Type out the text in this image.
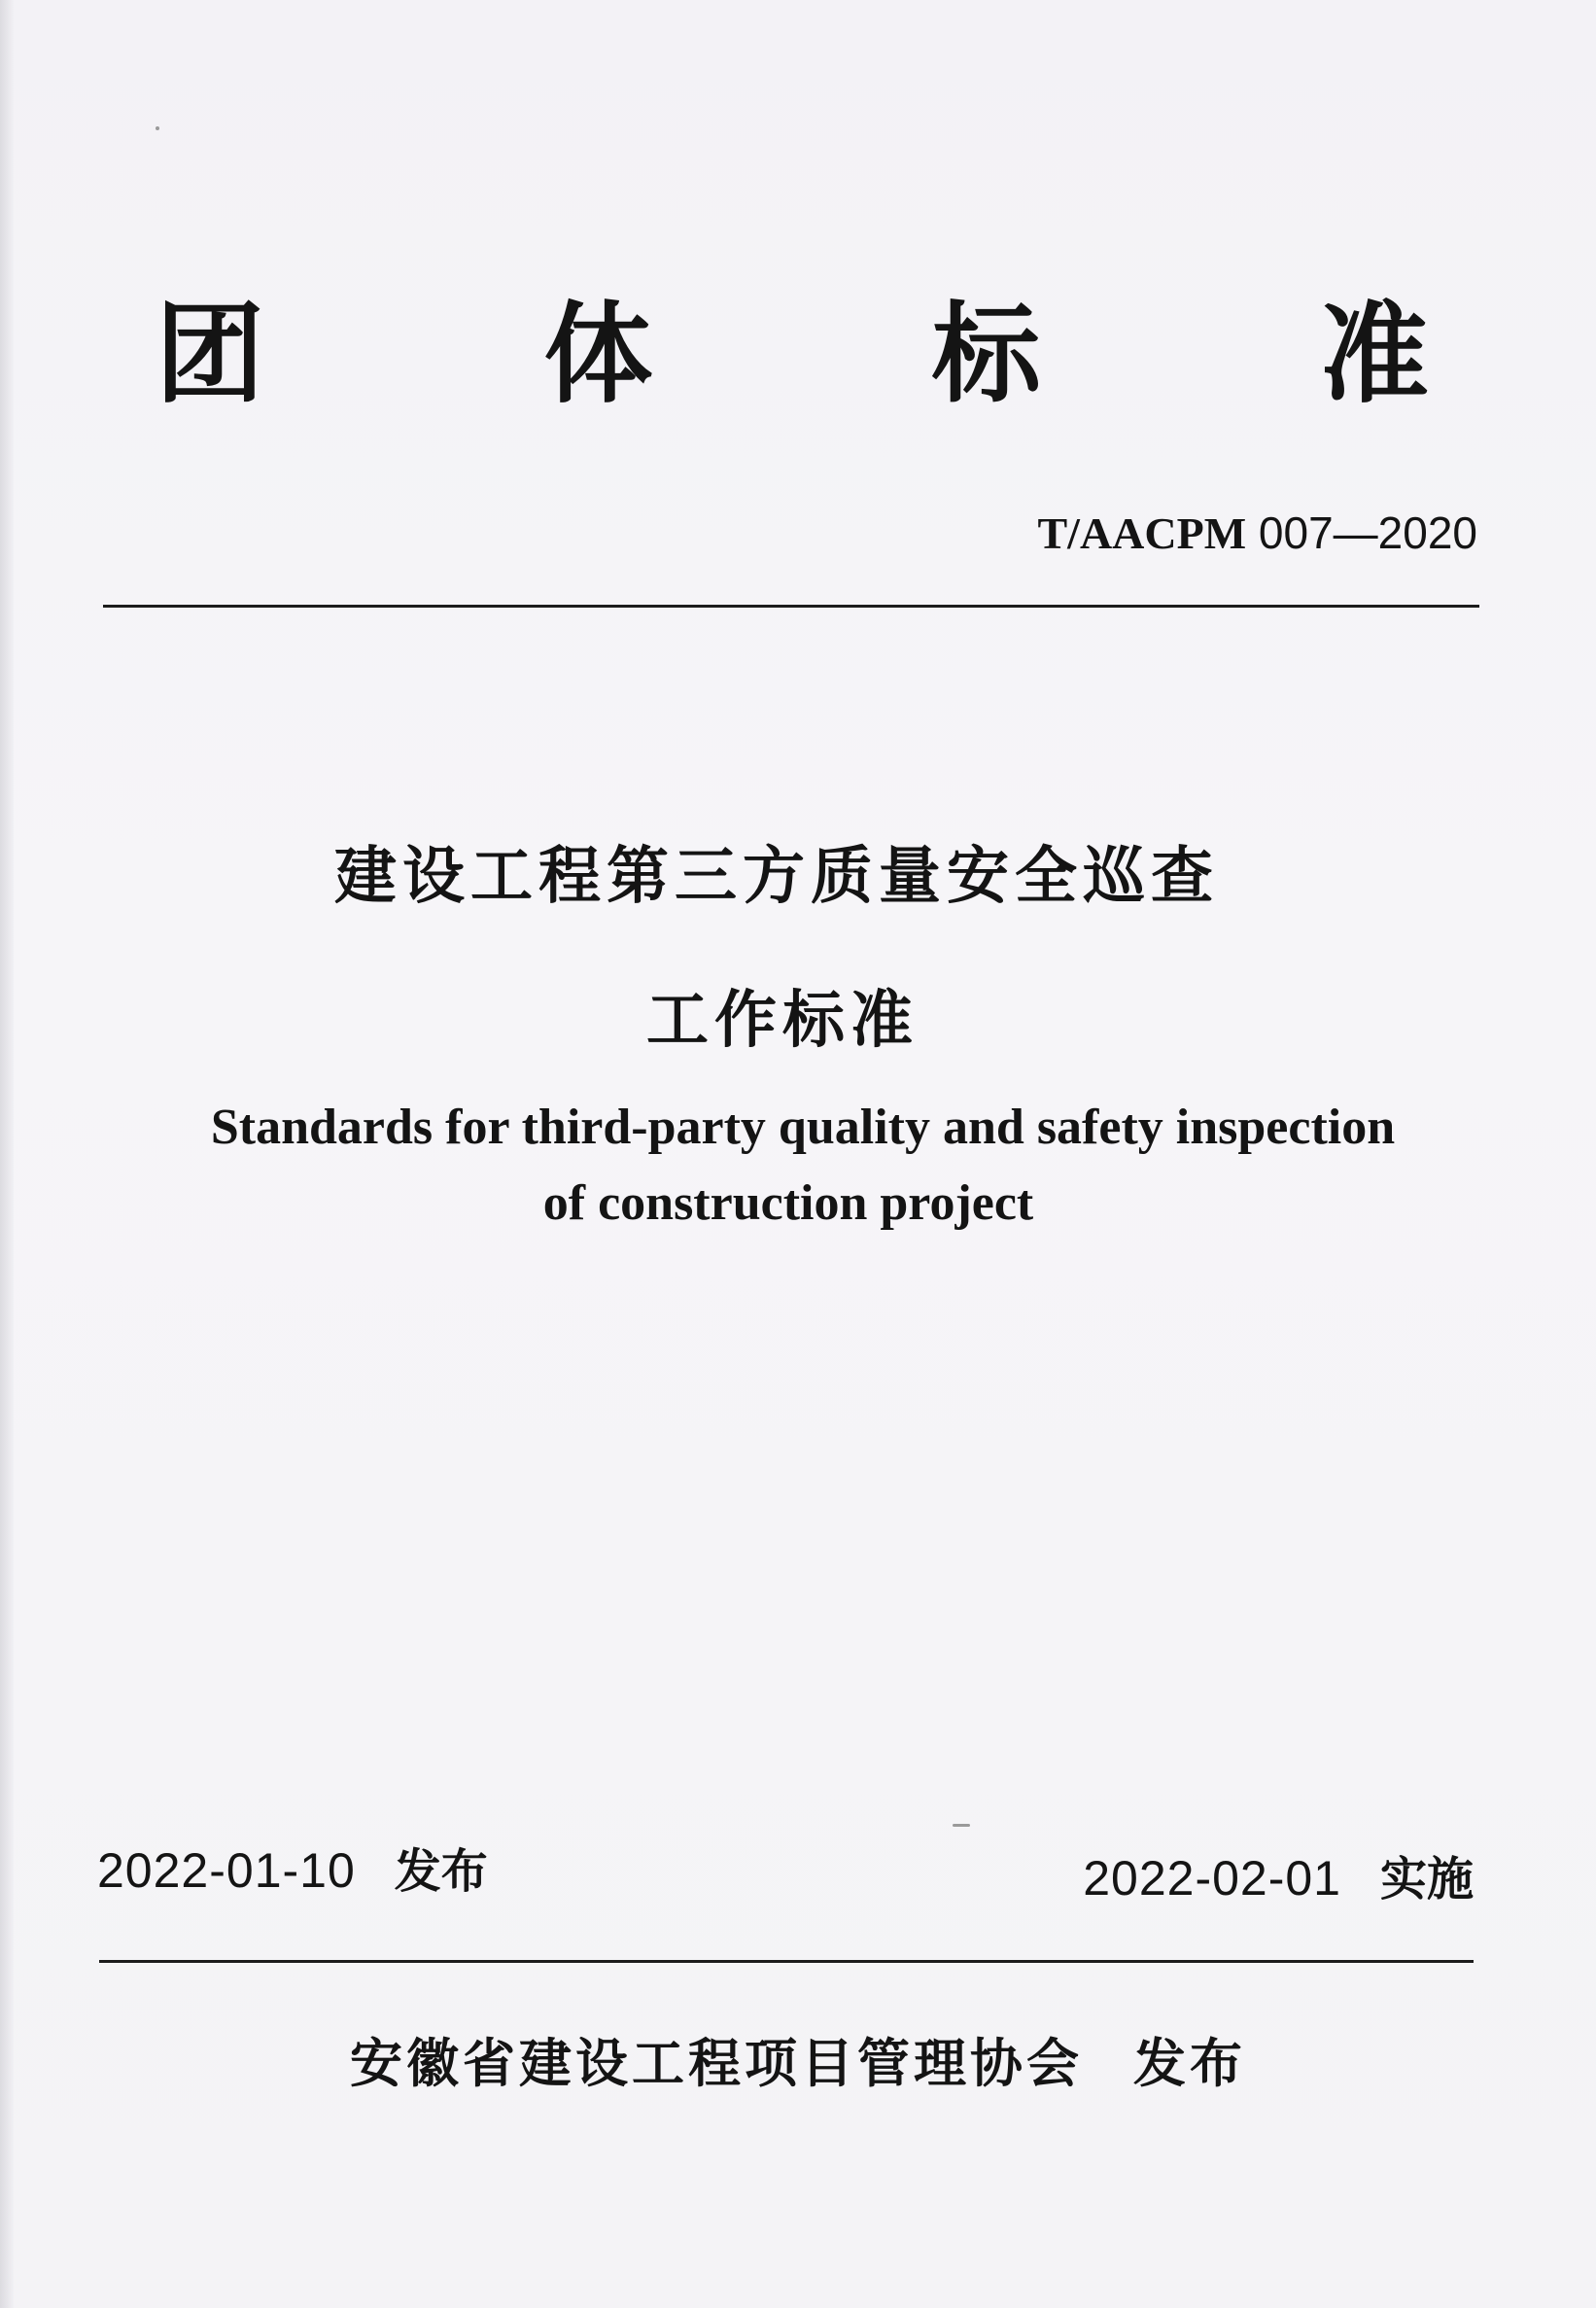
团	体	标	准
T/AACPM 007—2020
建设工程第三方质量安全巡查
工作标准
Standards for third-party quality and safety inspection
of construction project
2022-01-10 发布	2022-02-01 实施
安徽省建设工程项目管理协会 发布
